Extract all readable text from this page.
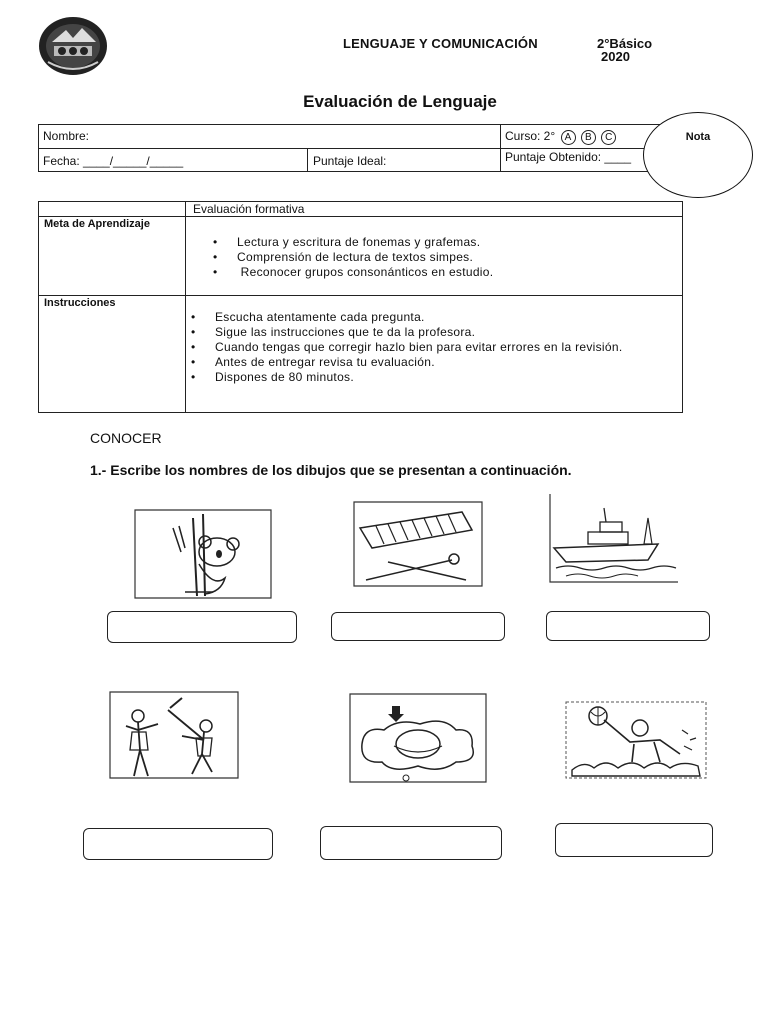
LENGUAJE Y COMUNICACIÓN	2°Básico
2020
Evaluación de Lenguaje
Nombre:	Curso: 2° A B C
Fecha: ____/_____/_____	Puntaje Ideal:	Puntaje Obtenido: ____
Nota
Evaluación formativa
Meta de Aprendizaje
• Lectura y escritura de fonemas y grafemas.
• Comprensión de lectura de textos simpes.
•  Reconocer grupos consonánticos en estudio.
Instrucciones
• Escucha atentamente cada pregunta.
• Sigue las instrucciones que te da la profesora.
• Cuando tengas que corregir hazlo bien para evitar errores en la revisión.
• Antes de entregar revisa tu evaluación.
• Dispones de 80 minutos.
CONOCER
1.- Escribe los nombres de los dibujos que se presentan a continuación.
